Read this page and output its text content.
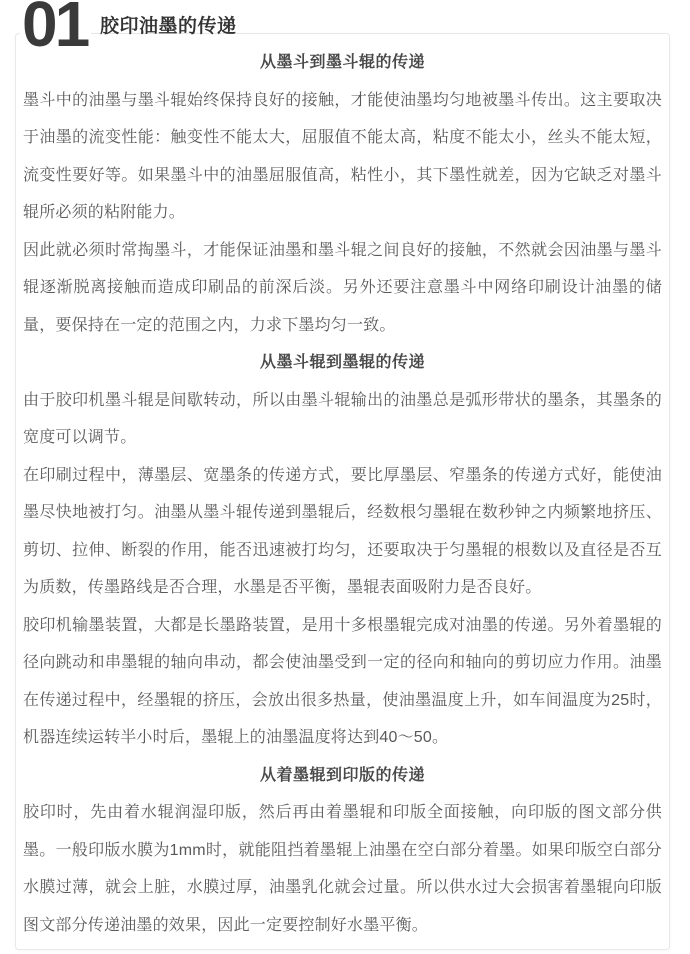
01 胶印油墨的传递
从墨斗到墨斗辊的传递

墨斗中的油墨与墨斗辊始终保持良好的接触，才能使油墨均匀地被墨斗传出。这主要取决于油墨的流变性能：触变性不能太大，屈服值不能太高，粘度不能太小，丝头不能太短，流变性要好等。如果墨斗中的油墨屈服值高，粘性小，其下墨性就差，因为它缺乏对墨斗辊所必须的粘附能力。

因此就必须时常掏墨斗，才能保证油墨和墨斗辊之间良好的接触，不然就会因油墨与墨斗辊逐渐脱离接触而造成印刷品的前深后淡。另外还要注意墨斗中网络印刷设计油墨的储量，要保持在一定的范围之内，力求下墨均匀一致。

从墨斗辊到墨辊的传递

由于胶印机墨斗辊是间歇转动，所以由墨斗辊输出的油墨总是弧形带状的墨条，其墨条的宽度可以调节。

在印刷过程中，薄墨层、宽墨条的传递方式，要比厚墨层、窄墨条的传递方式好，能使油墨尽快地被打匀。油墨从墨斗辊传递到墨辊后，经数根匀墨辊在数秒钟之内频繁地挤压、剪切、拉伸、断裂的作用，能否迅速被打均匀，还要取决于匀墨辊的根数以及直径是否互为质数，传墨路线是否合理，水墨是否平衡，墨辊表面吸附力是否良好。

胶印机输墨装置，大都是长墨路装置，是用十多根墨辊完成对油墨的传递。另外着墨辊的径向跳动和串墨辊的轴向串动，都会使油墨受到一定的径向和轴向的剪切应力作用。油墨在传递过程中，经墨辊的挤压，会放出很多热量，使油墨温度上升，如车间温度为25时，机器连续运转半小时后，墨辊上的油墨温度将达到40～50。

从着墨辊到印版的传递

胶印时，先由着水辊润湿印版，然后再由着墨辊和印版全面接触，向印版的图文部分供墨。一般印版水膜为1mm时，就能阻挡着墨辊上油墨在空白部分着墨。如果印版空白部分水膜过薄，就会上脏，水膜过厚，油墨乳化就会过量。所以供水过大会损害着墨辊向印版图文部分传递油墨的效果，因此一定要控制好水墨平衡。
